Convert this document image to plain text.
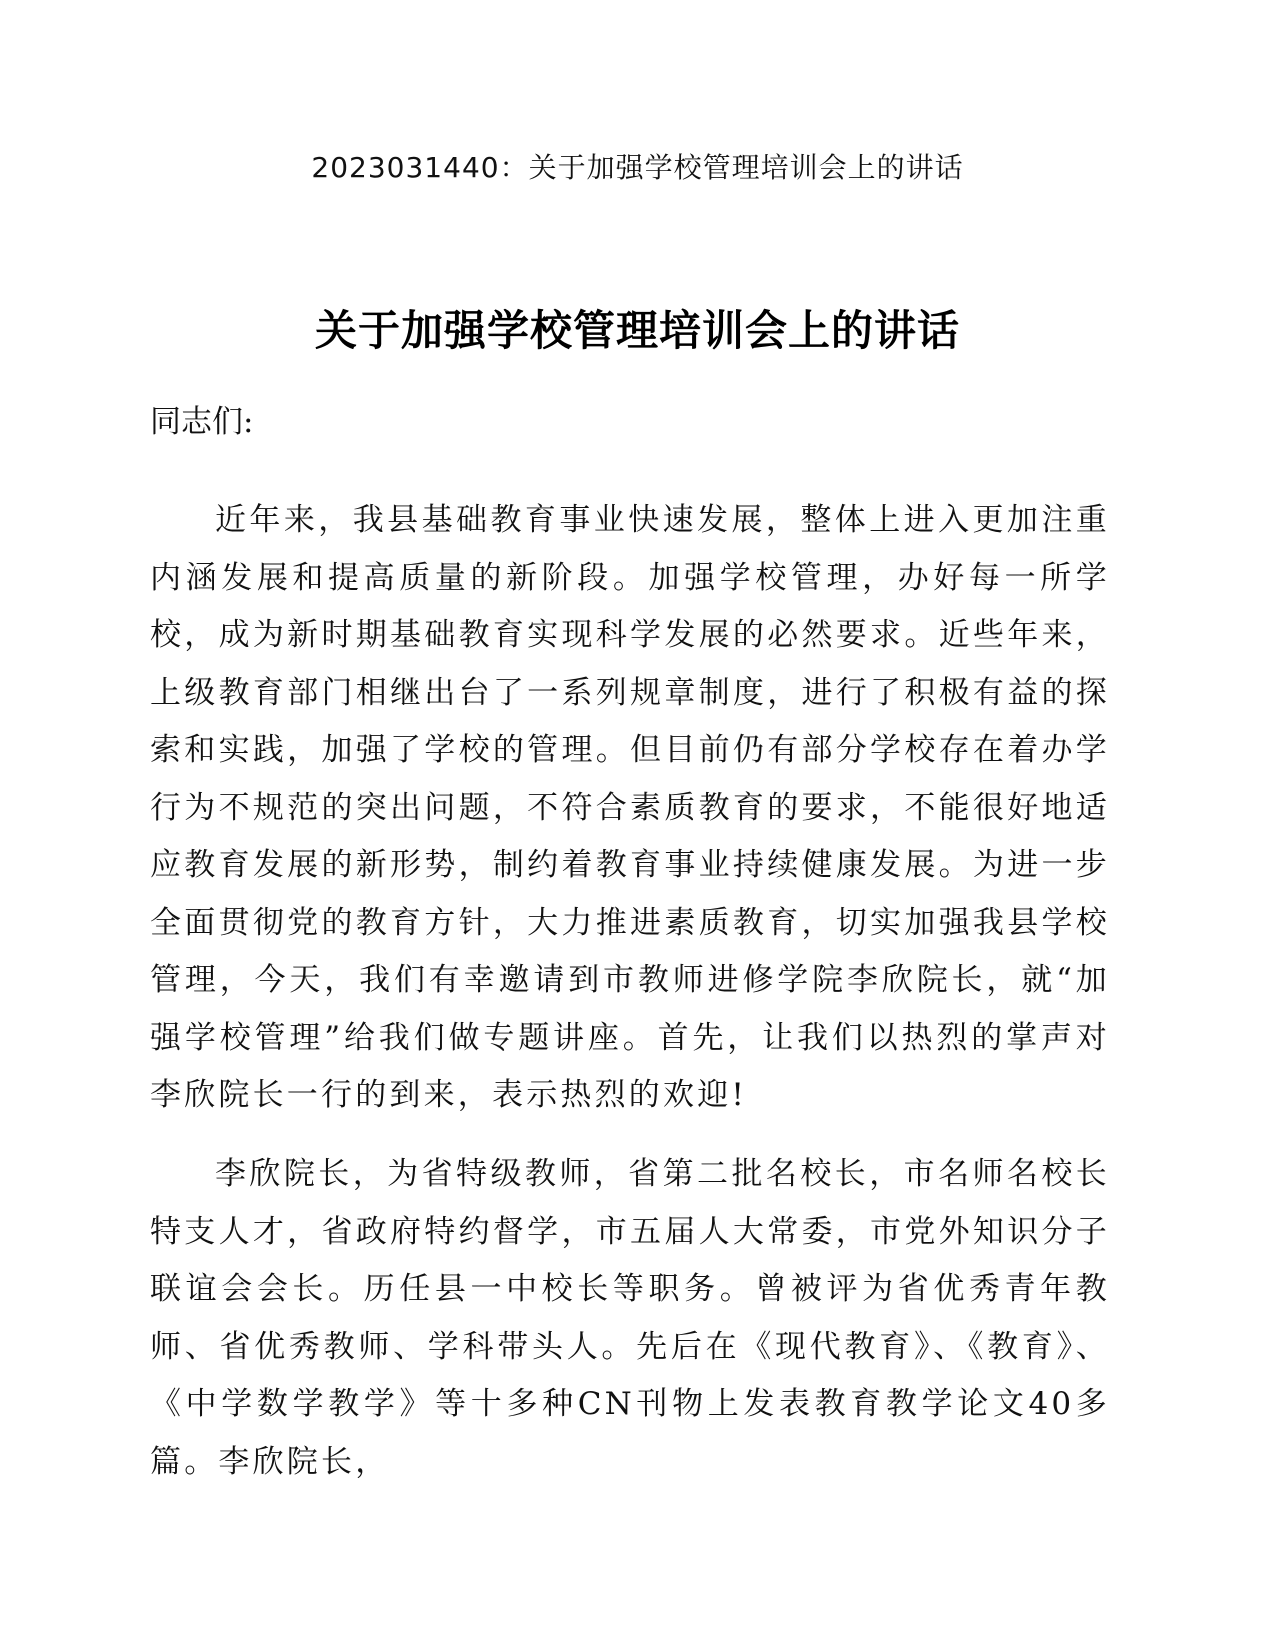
2023031440：关于加强学校管理培训会上的讲话
关于加强学校管理培训会上的讲话
同志们:

近年来，我县基础教育事业快速发展，整体上进入更加注重内涵发展和提高质量的新阶段。加强学校管理，办好每一所学校，成为新时期基础教育实现科学发展的必然要求。近些年来，上级教育部门相继出台了一系列规章制度，进行了积极有益的探索和实践，加强了学校的管理。但目前仍有部分学校存在着办学行为不规范的突出问题，不符合素质教育的要求，不能很好地适应教育发展的新形势，制约着教育事业持续健康发展。为进一步全面贯彻党的教育方针，大力推进素质教育，切实加强我县学校管理，今天，我们有幸邀请到市教师进修学院李欣院长，就“加强学校管理”给我们做专题讲座。首先，让我们以热烈的掌声对李欣院长一行的到来，表示热烈的欢迎!

李欣院长，为省特级教师，省第二批名校长，市名师名校长特支人才，省政府特约督学，市五届人大常委，市党外知识分子联谊会会长。历任县一中校长等职务。曾被评为省优秀青年教师、省优秀教师、学科带头人。先后在《现代教育》、《教育》、《中学数学教学》等十多种CN刊物上发表教育教学论文40多篇。李欣院长，
